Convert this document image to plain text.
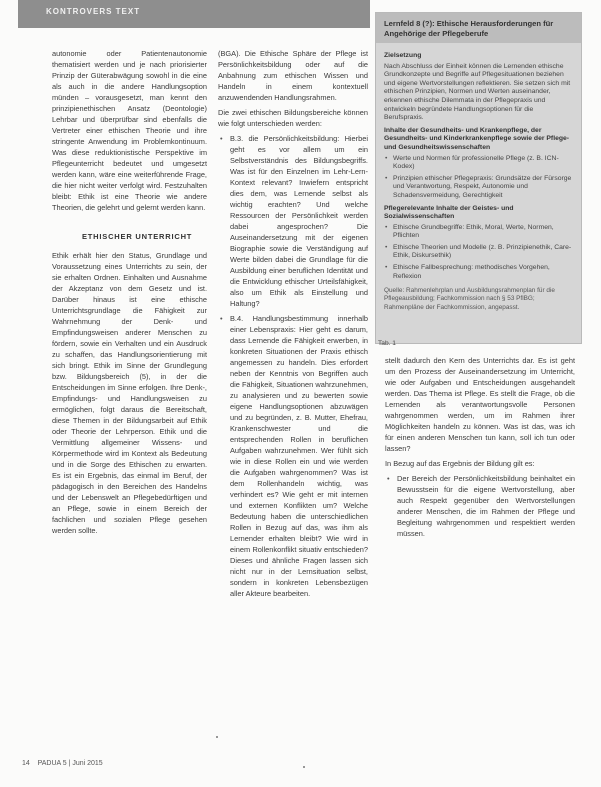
KONTROVERS TEXT

autonomie oder Patientenautonomie thematisiert werden und je nach priorisierter Prinzip der Güterabwägung sowohl in die eine als auch in die andere Handlungsoption münden – vorausgesetzt, man kennt den prinzipienethischen Ansatz (Deontologie) Lehrbar und überprüfbar sind ebenfalls die Vertreter einer ethischen Theorie und ihre stringente Anwendung im Problemkontinuum. Was diese reduktionistische Perspektive im Pflegeunterricht bedeutet und umgesetzt werden kann, wäre eine weiterführende Frage, die hier nicht weiter verfolgt wird. Festzuhalten bleibt: Ethik ist eine Theorie wie andere Theorien, die gelehrt und gelernt werden kann.

ETHISCHER UNTERRICHT

Ethik erhält hier den Status, Grundlage und Voraussetzung eines Unterrichts zu sein, der sie erhalten Ordnen. Einhalten und Ausnahme der Akzeptanz von dem Gesetz und ist. Darüber hinaus ist eine ethische Unterrichtsgrundlage die Fähigkeit zur Wahrnehmung der Denk- und Empfindungsweisen anderer Menschen zu fördern, sowie ein Verhalten und ein Ausdruck zu schaffen, das Handlungsorientierung mit sich bringt. Ethik im Sinne der Grundlegung bzw. Bildungsbereich (5), in der die Entscheidungen im Sinne erfolgen. Ihre Denk-, Empfindungs- und Handlungsweisen zu ermöglichen, folgt daraus die Bereitschaft, diese Themen in der Bildungsarbeit auf Ethik oder Theorie der Lehrperson. Ethik und die Vermittlung allgemeiner Wissens- und Körpermethode wird im Kontext als Bedeutung und in die Sorge des Ethischen zu erwarten. Es ist ein Ergebnis, das einmal im Beruf, der pädagogisch in den Bereichen des Handelns und der Lebenswelt an Pflegebedürftigen und an Pflege, sowie in einem Bereich der fachlichen und sozialen Pflege gesehen werden sollte.

(BGA). Die Ethische Sphäre der Pflege ist Persönlichkeitsbildung oder auf die Anbahnung zum ethischen Wissen und Handeln in einem kontextuell anzuwendenden Handlungsrahmen.

Die zwei ethischen Bildungsbereiche können wie folgt unterschieden werden:

• B.3. die Persönlichkeitsbildung: Hierbei geht es vor allem um ein Selbstverständnis des Bildungsbegriffs. Was ist für den Einzelnen im Lehr-Lern-Kontext relevant? Inwiefern entspricht dies dem, was Lernende selbst als wichtig erachten? Und welche Ressourcen der Persönlichkeit werden dabei angesprochen? Die Auseinandersetzung mit der eigenen Biographie sowie die Verständigung auf Werte bilden dabei die Grundlage für die Ausbildung einer beruflichen Identität und die Entwicklung ethischer Urteilsfähigkeit, also um Ethik als Einstellung und Haltung?
• B.4. Handlungsbestimmung innerhalb einer Lebenspraxis: Hier geht es darum, dass Lernende die Fähigkeit erwerben, in konkreten Situationen der Praxis ethisch angemessen zu handeln. Dies erfordert neben der Kenntnis von Begriffen auch die Fähigkeit, Situationen wahrzunehmen, zu analysieren und zu bewerten sowie eigene Handlungsoptionen abzuwägen und zu begründen, z. B. Mutter, Ehefrau, Krankenschwester und die entsprechenden Rollen in beruflichen Aufgaben wahrzunehmen. Wer fühlt sich wie in diese Rollen ein und wie werden die Aufgaben wahrgenommen? Was ist dem Rollenhandeln wichtig, was verhindert es? Wie geht er mit internen und externen Konflikten um? Welche Bedeutung haben die unterschiedlichen Rollen in Bezug auf das, was ihm als Lernender erhalten bleibt? Wie wird in einem Rollenkonflikt situativ entschieden? Dieses und ähnliche Fragen lassen sich nicht nur in der Lernsituation selbst, sondern in konkreten Lebensbezügen aller Akteure bearbeiten.
Lernfeld 8 (?): Ethische Herausforderungen für Angehörige der Pflegeberufe
Zielsetzung

Nach Abschluss der Einheit können die Lernenden ethische Grundkonzepte und Begriffe auf Pflegesituationen beziehen und eigene Wertvorstellungen reflektieren. Sie setzen sich mit ethischen Prinzipien, Normen und Werten auseinander, erkennen ethische Dilemmata in der Pflegepraxis und entwickeln begründete Handlungsoptionen für die Berufspraxis.

Inhalte der Gesundheits- und Krankenpflege, der Gesundheits- und Kinderkrankenpflege sowie der Pflege- und Gesundheitswissenschaften
• Werte und Normen für professionelle Pflege (z. B. ICN-Kodex)
• Prinzipien ethischer Pflegepraxis: Grundsätze der Fürsorge und Verantwortung, Respekt, Autonomie und Schadensvermeidung, Gerechtigkeit
Pflegerelevante Inhalte der Geistes- und Sozialwissenschaften
• Ethische Grundbegriffe: Ethik, Moral, Werte, Normen, Pflichten
• Ethische Theorien und Modelle (z. B. Prinzipienethik, Care-Ethik, Diskursethik)
• Ethische Fallbesprechung: methodisches Vorgehen, Reflexion
Quelle: Rahmenlehrplan und Ausbildungsrahmenplan für die Pflegeausbildung; Fachkommission nach § 53 PflBG; Rahmenpläne der Fachkommission, angepasst.
Tab. 1

stellt dadurch den Kern des Unterrichts dar. Es ist geht um den Prozess der Auseinandersetzung im Unterricht, wie oder Aufgaben und Entscheidungen ausgehandelt werden. Das Thema ist Pflege. Es stellt die Frage, ob die Lernenden als verantwortungsvolle Personen wahrgenommen werden, um im Rahmen ihrer Möglichkeiten handeln zu können. Was ist das, was ich für einen anderen Menschen tun kann, soll ich tun oder lassen?

In Bezug auf das Ergebnis der Bildung gilt es:

• Der Bereich der Persönlichkeitsbildung beinhaltet ein Bewusstsein für die eigene Wertvorstellung, aber auch Respekt gegenüber den Wertvorstellungen anderer Menschen, die im Rahmen der Pflege und Begleitung wahrgenommen und respektiert werden müssen.
14 PADUA 5 | Juni 2015
